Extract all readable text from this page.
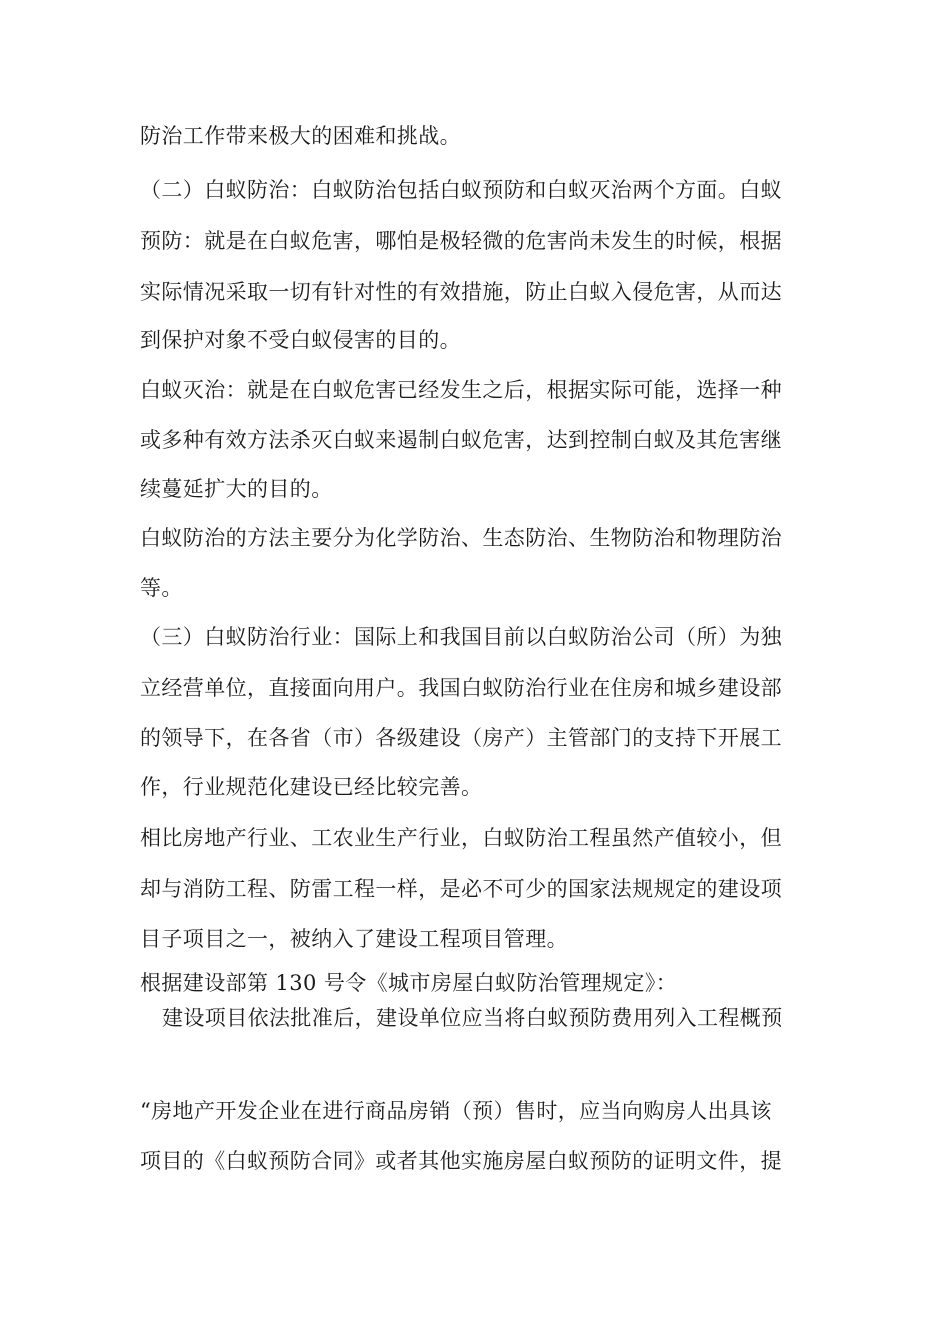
防治工作带来极大的困难和挑战。
（二）白蚁防治：白蚁防治包括白蚁预防和白蚁灭治两个方面。白蚁
预防：就是在白蚁危害，哪怕是极轻微的危害尚未发生的时候，根据
实际情况采取一切有针对性的有效措施，防止白蚁入侵危害，从而达
到保护对象不受白蚁侵害的目的。
白蚁灭治：就是在白蚁危害已经发生之后，根据实际可能，选择一种
或多种有效方法杀灭白蚁来遏制白蚁危害，达到控制白蚁及其危害继
续蔓延扩大的目的。
白蚁防治的方法主要分为化学防治、生态防治、生物防治和物理防治
等。
（三）白蚁防治行业：国际上和我国目前以白蚁防治公司（所）为独
立经营单位，直接面向用户。我国白蚁防治行业在住房和城乡建设部
的领导下，在各省（市）各级建设（房产）主管部门的支持下开展工
作，行业规范化建设已经比较完善。
相比房地产行业、工农业生产行业，白蚁防治工程虽然产值较小，但
却与消防工程、防雷工程一样，是必不可少的国家法规规定的建设项
目子项目之一，被纳入了建设工程项目管理。
根据建设部第 130 号令《城市房屋白蚁防治管理规定》：
建设项目依法批准后，建设单位应当将白蚁预防费用列入工程概预
“房地产开发企业在进行商品房销（预）售时，应当向购房人出具该
项目的《白蚁预防合同》或者其他实施房屋白蚁预防的证明文件，提
